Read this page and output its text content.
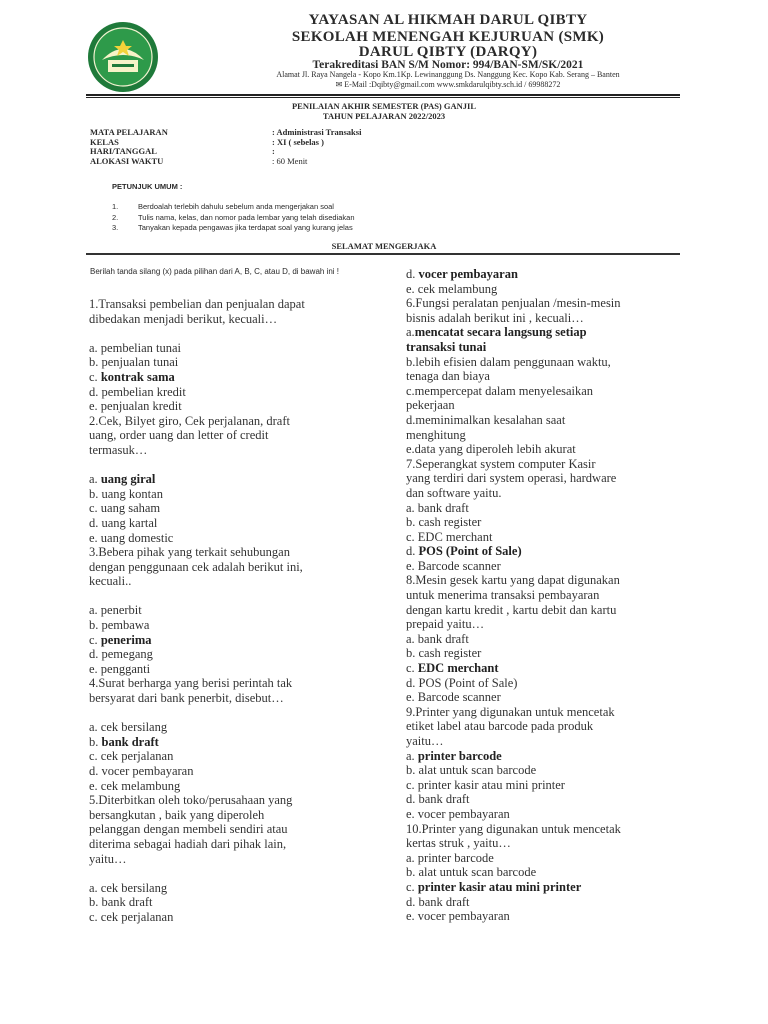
YAYASAN AL HIKMAH DARUL QIBTY
SEKOLAH MENENGAH KEJURUAN (SMK)
DARUL QIBTY (DARQY)
Terakreditasi BAN S/M Nomor: 994/BAN-SM/SK/2021
Alamat Jl. Raya Nangela - Kopo Km.1Kp. Lewinanggung Ds. Nanggung Kec. Kopo Kab. Serang – Banten
✉ E-Mail :Dqibty@gmail.com www.smkdarulqibty.sch.id / 69988272
PENILAIAN AKHIR SEMESTER (PAS) GANJIL
TAHUN PELAJARAN 2022/2023
MATA PELAJARAN	: Administrasi Transaksi
KELAS	: XI ( sebelas )
HARI/TANGGAL	:
ALOKASI WAKTU	: 60 Menit
PETUNJUK UMUM :
1.	Berdoalah terlebih dahulu sebelum anda mengerjakan soal
2.	Tulis nama, kelas, dan nomor pada lembar yang telah disediakan
3.	Tanyakan kepada pengawas jika terdapat soal yang kurang jelas
SELAMAT MENGERJAKA
Berilah tanda silang (x) pada pilihan dari A, B, C, atau D, di bawah ini !
1.Transaksi pembelian dan penjualan dapat
dibedakan menjadi berikut, kecuali…
a. pembelian tunai
b. penjualan tunai
c. kontrak sama
d. pembelian kredit
e. penjualan kredit
2.Cek, Bilyet giro, Cek perjalanan, draft
uang, order uang dan letter of credit
termasuk…
a. uang giral
b. uang kontan
c. uang saham
d. uang kartal
e. uang domestic
3.Bebera pihak yang terkait sehubungan
dengan penggunaan cek adalah berikut ini,
kecuali..
a. penerbit
b. pembawa
c. penerima
d. pemegang
e. pengganti
4.Surat berharga yang berisi perintah tak
bersyarat dari bank penerbit, disebut…
a. cek bersilang
b. bank draft
c. cek perjalanan
d. vocer pembayaran
e. cek melambung
5.Diterbitkan oleh toko/perusahaan yang
bersangkutan , baik yang diperoleh
pelanggan dengan membeli sendiri atau
diterima sebagai hadiah dari pihak lain,
yaitu…
a. cek bersilang
b. bank draft
c. cek perjalanan
d. vocer pembayaran
e. cek melambung
6.Fungsi peralatan penjualan /mesin-mesin
bisnis adalah berikut ini , kecuali…
a.mencatat secara langsung setiap
transaksi tunai
b.lebih efisien dalam penggunaan waktu,
tenaga dan biaya
c.mempercepat dalam menyelesaikan
pekerjaan
d.meminimalkan kesalahan saat
menghitung
e.data yang diperoleh lebih akurat
7.Seperangkat system computer Kasir
yang terdiri dari system operasi, hardware
dan software yaitu.
a. bank draft
b. cash register
c. EDC merchant
d. POS (Point of Sale)
e. Barcode scanner
8.Mesin gesek kartu yang dapat digunakan
untuk menerima transaksi pembayaran
dengan kartu kredit , kartu debit dan kartu
prepaid yaitu…
a. bank draft
b. cash register
c. EDC merchant
d. POS (Point of Sale)
e. Barcode scanner
9.Printer yang digunakan untuk mencetak
etiket label atau barcode pada produk
yaitu…
a. printer barcode
b. alat untuk scan barcode
c. printer kasir atau mini printer
d. bank draft
e. vocer pembayaran
10.Printer yang digunakan untuk mencetak
kertas struk , yaitu…
a. printer barcode
b. alat untuk scan barcode
c. printer kasir atau mini printer
d. bank draft
e. vocer pembayaran
